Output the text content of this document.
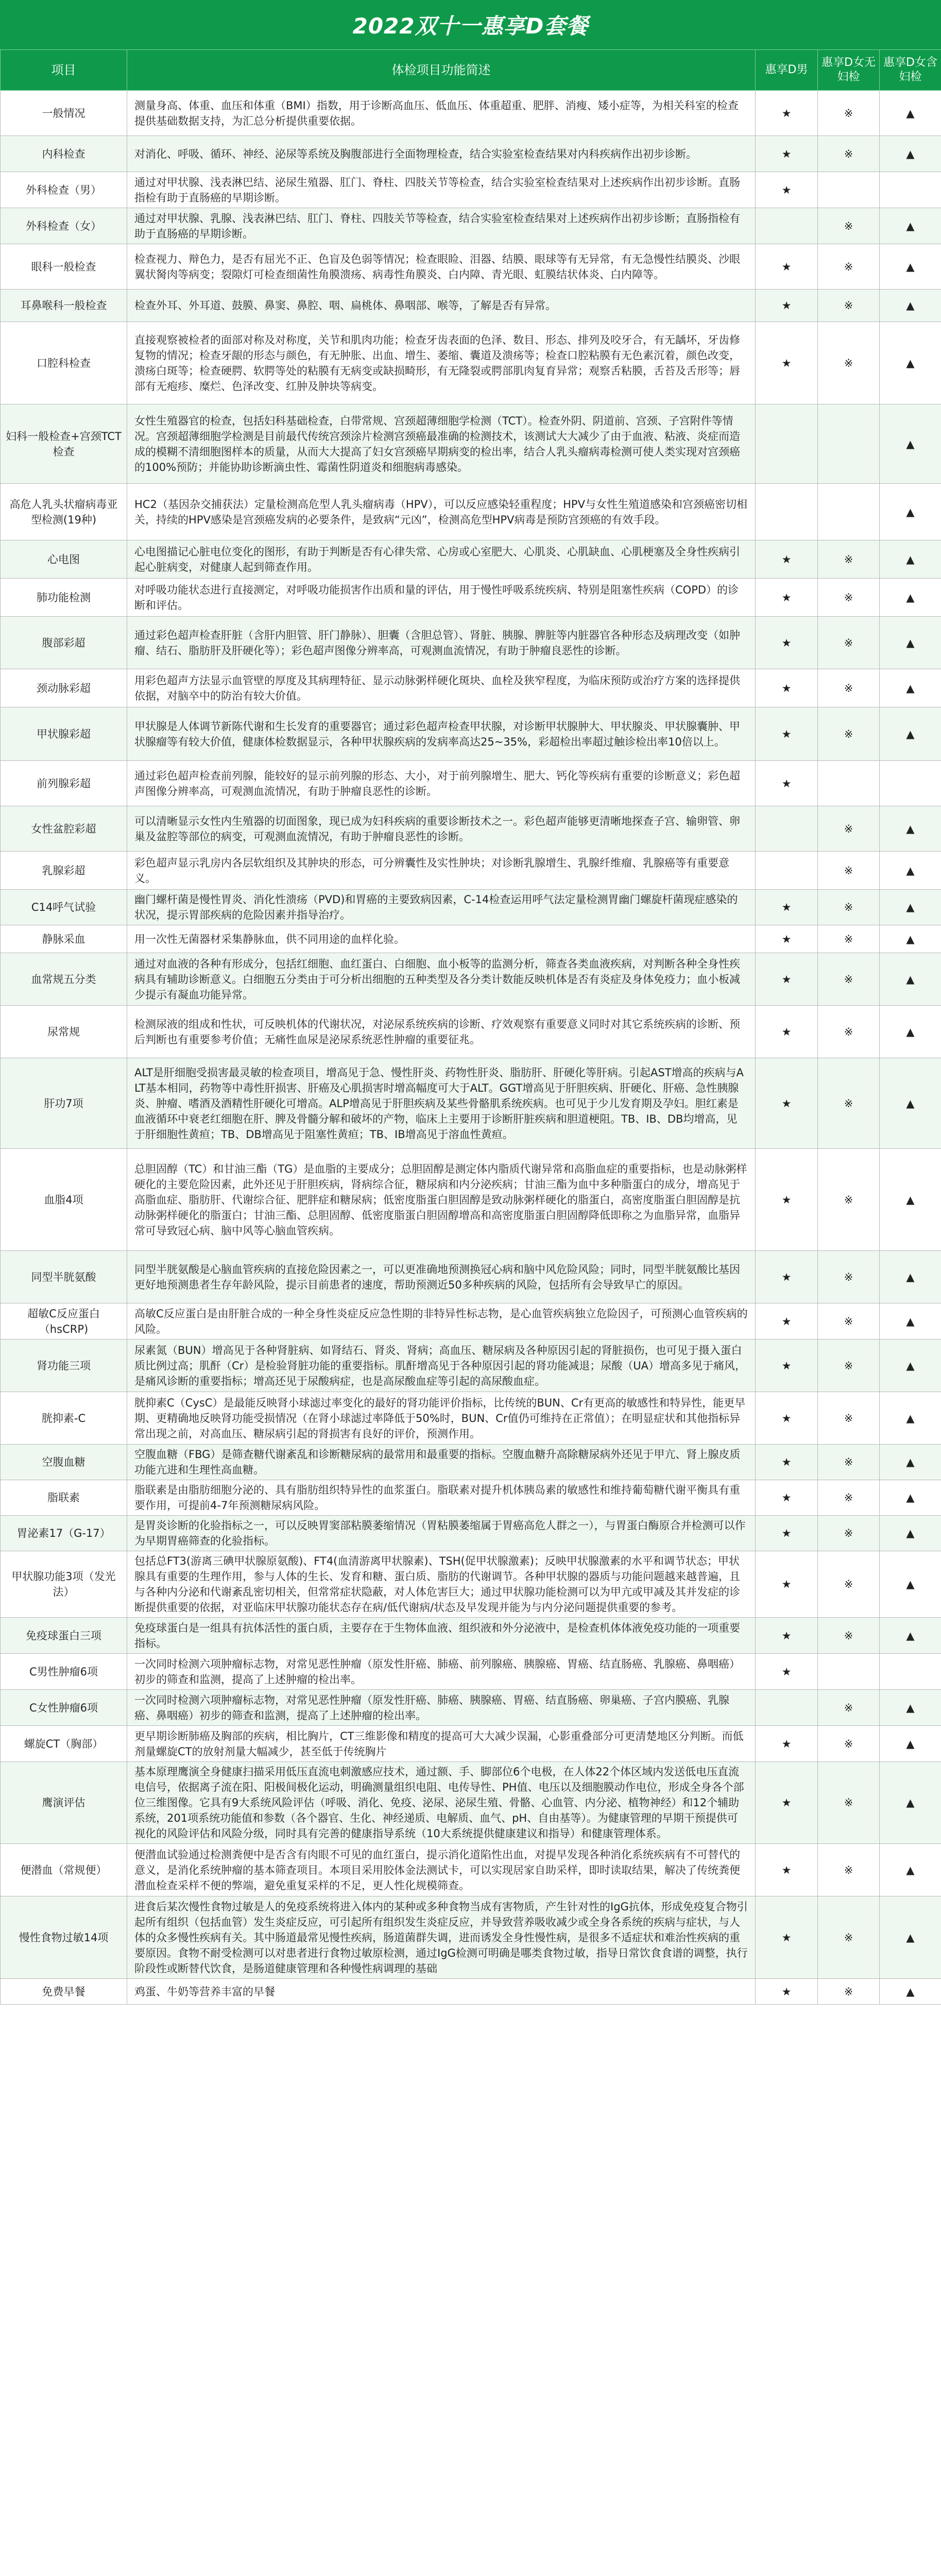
2022双十一惠享D套餐
项目	体检项目功能简述	惠享D男	惠享D女无妇检	惠享D女含妇检
一般情况	测量身高、体重、血压和体重（BMI）指数，用于诊断高血压、低血压、体重超重、肥胖、消瘦、矮小症等，为相关科室的检查提供基础数据支持，为汇总分析提供重要依据。	★	※	▲
内科检查	对消化、呼吸、循环、神经、泌尿等系统及胸腹部进行全面物理检查，结合实验室检查结果对内科疾病作出初步诊断。	★	※	▲
外科检查（男）	通过对甲状腺、浅表淋巴结、泌尿生殖器、肛门、脊柱、四肢关节等检查，结合实验室检查结果对上述疾病作出初步诊断。直肠指检有助于直肠癌的早期诊断。	★		
外科检查（女）	通过对甲状腺、乳腺、浅表淋巴结、肛门、脊柱、四肢关节等检查，结合实验室检查结果对上述疾病作出初步诊断；直肠指检有助于直肠癌的早期诊断。		※	▲
眼科一般检查	检查视力、辩色力，是否有屈光不正、色盲及色弱等情况；检查眼睑、泪器、结膜、眼球等有无异常，有无急慢性结膜炎、沙眼翼状胬肉等病变；裂隙灯可检查细菌性角膜溃疡、病毒性角膜炎、白内障、青光眼、虹膜结状体炎、白内障等。	★	※	▲
耳鼻喉科一般检查	检查外耳、外耳道、鼓膜、鼻窦、鼻腔、咽、扁桃体、鼻咽部、喉等，了解是否有异常。	★	※	▲
口腔科检查	直接观察被检者的面部对称及对称度，关节和肌肉功能；检查牙齿表面的色泽、数目、形态、排列及咬牙合，有无龋坏，牙齿修复物的情况；检查牙龈的形态与颜色，有无肿胀、出血、增生、萎缩、囊道及溃疡等；检查口腔粘膜有无色素沉着，颜色改变，溃疡白斑等；检查硬腭、软腭等处的粘膜有无病变或缺损畸形，有无隆裂或腭部肌肉复育异常；观察舌粘膜，舌苔及舌形等；唇部有无疱疹、糜烂、色泽改变、红肿及肿块等病变。	★	※	▲
妇科一般检查+宫颈TCT检查	女性生殖器官的检查，包括妇科基础检查，白带常规、宫颈超薄细胞学检测（TCT）。检查外阴、阴道前、宫颈、子宫附件等情况。宫颈超薄细胞学检测是目前最代传统宫颈涂片检测宫颈癌最准确的检测技术，该测试大大减少了由于血液、粘液、炎症而造成的模糊不清细胞图样本的质量，从而大大提高了妇女宫颈癌早期病变的检出率，结合人乳头瘤病毒检测可使人类实现对宫颈癌的100%预防；并能协助诊断滴虫性、霉菌性阴道炎和细胞病毒感染。			▲
高危人乳头状瘤病毒亚型检测(19种)	HC2（基因杂交捕获法）定量检测高危型人乳头瘤病毒（HPV），可以反应感染轻重程度；HPV与女性生殖道感染和宫颈癌密切相关，持续的HPV感染是宫颈癌发病的必要条件，是致病“元凶”，检测高危型HPV病毒是预防宫颈癌的有效手段。			▲
心电图	心电图描记心脏电位变化的图形，有助于判断是否有心律失常、心房或心室肥大、心肌炎、心肌缺血、心肌梗塞及全身性疾病引起心脏病变，对健康人起到筛查作用。	★	※	▲
肺功能检测	对呼吸功能状态进行直接测定，对呼吸功能损害作出质和量的评估，用于慢性呼吸系统疾病、特别是阻塞性疾病（COPD）的诊断和评估。	★	※	▲
腹部彩超	通过彩色超声检查肝脏（含肝内胆管、肝门静脉）、胆囊（含胆总管）、肾脏、胰腺、脾脏等内脏器官各种形态及病理改变（如肿瘤、结石、脂肪肝及肝硬化等）；彩色超声图像分辨率高，可观测血流情况，有助于肿瘤良恶性的诊断。	★	※	▲
颈动脉彩超	用彩色超声方法显示血管壁的厚度及其病理特征、显示动脉粥样硬化斑块、血栓及狭窄程度，为临床预防或治疗方案的选择提供依据，对脑卒中的防治有较大价值。	★	※	▲
甲状腺彩超	甲状腺是人体调节新陈代谢和生长发育的重要器官；通过彩色超声检查甲状腺，对诊断甲状腺肿大、甲状腺炎、甲状腺囊肿、甲状腺瘤等有较大价值，健康体检数据显示，各种甲状腺疾病的发病率高达25~35%，彩超检出率超过触诊检出率10倍以上。	★	※	▲
前列腺彩超	通过彩色超声检查前列腺，能较好的显示前列腺的形态、大小，对于前列腺增生、肥大、钙化等疾病有重要的诊断意义；彩色超声图像分辨率高，可观测血流情况，有助于肿瘤良恶性的诊断。	★		
女性盆腔彩超	可以清晰显示女性内生殖器的切面图象，现已成为妇科疾病的重要诊断技术之一。彩色超声能够更清晰地探查子宫、输卵管、卵巢及盆腔等部位的病变，可观测血流情况，有助于肿瘤良恶性的诊断。		※	▲
乳腺彩超	彩色超声显示乳房内各层软组织及其肿块的形态，可分辨囊性及实性肿块；对诊断乳腺增生、乳腺纤维瘤、乳腺癌等有重要意义。		※	▲
C14呼气试验	幽门螺杆菌是慢性胃炎、消化性溃疡（PVD)和胃癌的主要致病因素，C-14检查运用呼气法定量检测胃幽门螺旋杆菌现症感染的状况，提示胃部疾病的危险因素并指导治疗。	★	※	▲
静脉采血	用一次性无菌器材采集静脉血，供不同用途的血样化验。	★	※	▲
血常规五分类	通过对血液的各种有形成分，包括红细胞、血红蛋白、白细胞、血小板等的监测分析，筛查各类血液疾病，对判断各种全身性疾病具有辅助诊断意义。白细胞五分类由于可分析出细胞的五种类型及各分类计数能反映机体是否有炎症及身体免疫力；血小板减少提示有凝血功能异常。	★	※	▲
尿常规	检测尿液的组成和性状，可反映机体的代谢状况，对泌尿系统疾病的诊断、疗效观察有重要意义同时对其它系统疾病的诊断、预后判断也有重要参考价值；无痛性血尿是泌尿系统恶性肿瘤的重要征兆。	★	※	▲
肝功7项	ALT是肝细胞受损害最灵敏的检查项目，增高见于急、慢性肝炎、药物性肝炎、脂肪肝、肝硬化等肝病。引起AST增高的疾病与ALT基本相同，药物等中毒性肝损害、肝癌及心肌损害时增高幅度可大于ALT。GGT增高见于肝胆疾病、肝硬化、肝癌、急性胰腺炎、肿瘤、嗜酒及酒精性肝硬化可增高。ALP增高见于肝胆疾病及某些骨骼肌系统疾病。也可见于少儿发育期及孕妇。胆红素是血液循环中衰老红细胞在肝、脾及骨髓分解和破坏的产物，临床上主要用于诊断肝脏疾病和胆道梗阻。TB、IB、DB均增高，见于肝细胞性黄疸；TB、DB增高见于阻塞性黄疸；TB、IB增高见于溶血性黄疸。	★	※	▲
血脂4项	总胆固醇（TC）和甘油三酯（TG）是血脂的主要成分；总胆固醇是测定体内脂质代谢异常和高脂血症的重要指标，也是动脉粥样硬化的主要危险因素，此外还见于肝胆疾病，肾病综合征，糖尿病和内分泌疾病；甘油三酯为血中多种脂蛋白的成分，增高见于高脂血症、脂肪肝、代谢综合征、肥胖症和糖尿病；低密度脂蛋白胆固醇是致动脉粥样硬化的脂蛋白，高密度脂蛋白胆固醇是抗动脉粥样硬化的脂蛋白；甘油三酯、总胆固醇、低密度脂蛋白胆固醇增高和高密度脂蛋白胆固醇降低即称之为血脂异常，血脂异常可导致冠心病、脑中风等心脑血管疾病。	★	※	▲
同型半胱氨酸	同型半胱氨酸是心脑血管疾病的直接危险因素之一，可以更准确地预测换冠心病和脑中风危险风险；同时，同型半胱氨酸比基因更好地预测患者生存年龄风险，提示目前患者的速度，帮助预测近50多种疾病的风险，包括所有会导致早亡的原因。	★	※	▲
超敏C反应蛋白（hsCRP)	高敏C反应蛋白是由肝脏合成的一种全身性炎症反应急性期的非特异性标志物，是心血管疾病独立危险因子，可预测心血管疾病的风险。	★	※	▲
肾功能三项	尿素氮（BUN）增高见于各种肾脏病、如肾结石、肾炎、肾病；高血压、糖尿病及各种原因引起的肾脏损伤，也可见于摄入蛋白质比例过高；肌酐（Cr）是检验肾脏功能的重要指标。肌酐增高见于各种原因引起的肾功能减退；尿酸（UA）增高多见于痛风，是痛风诊断的重要指标；增高还见于尿酸病症，也是高尿酸血症等引起的高尿酸血症。	★	※	▲
胱抑素-C	胱抑素C（CysC）是最能反映肾小球滤过率变化的最好的肾功能评价指标，比传统的BUN、Cr有更高的敏感性和特异性，能更早期、更精确地反映肾功能受损情况（在肾小球滤过率降低于50%时，BUN、Cr值仍可维持在正常值）；在明显症状和其他指标异常出现之前，对高血压、糖尿病引起的肾损害有良好的评价，预测作用。	★	※	▲
空腹血糖	空腹血糖（FBG）是筛查糖代谢紊乱和诊断糖尿病的最常用和最重要的指标。空腹血糖升高除糖尿病外还见于甲亢、肾上腺皮质功能亢进和生理性高血糖。	★	※	▲
脂联素	脂联素是由脂肪细胞分泌的、具有脂肪组织特异性的血浆蛋白。脂联素对提升机体胰岛素的敏感性和维持葡萄糖代谢平衡具有重要作用，可提前4-7年预测糖尿病风险。	★	※	▲
胃泌素17（G-17）	是胃炎诊断的化验指标之一，可以反映胃窦部粘膜萎缩情况（胃粘膜萎缩属于胃癌高危人群之一），与胃蛋白酶原合并检测可以作为早期胃癌筛查的化验指标。	★	※	▲
甲状腺功能3项（发光法）	包括总FT3(游离三碘甲状腺原氨酸)、FT4(血清游离甲状腺素)、TSH(促甲状腺激素)；反映甲状腺激素的水平和调节状态；甲状腺具有重要的生理作用，参与人体的生长、发育和糖、蛋白质、脂肪的代谢调节。各种甲状腺的器质与功能问题越来越普遍，且与各种内分泌和代谢紊乱密切相关，但常常症状隐蔽，对人体危害巨大；通过甲状腺功能检测可以为甲亢或甲减及其并发症的诊断提供重要的依据，对亚临床甲状腺功能状态存在病/低代谢病/状态及早发现并能为与内分泌问题提供重要的参考。	★	※	▲
免疫球蛋白三项	免疫球蛋白是一组具有抗体活性的蛋白质，主要存在于生物体血液、组织液和外分泌液中，是检查机体体液免疫功能的一项重要指标。	★	※	▲
C男性肿瘤6项	一次同时检测六项肿瘤标志物，对常见恶性肿瘤（原发性肝癌、肺癌、前列腺癌、胰腺癌、胃癌、结直肠癌、乳腺癌、鼻咽癌）初步的筛查和监测，提高了上述肿瘤的检出率。	★		
C女性肿瘤6项	一次同时检测六项肿瘤标志物，对常见恶性肿瘤（原发性肝癌、肺癌、胰腺癌、胃癌、结直肠癌、卵巢癌、子宫内膜癌、乳腺癌、鼻咽癌）初步的筛查和监测，提高了上述肿瘤的检出率。		※	▲
螺旋CT（胸部）	更早期诊断肺癌及胸部的疾病，相比胸片，CT三维影像和精度的提高可大大减少误漏，心影重叠部分可更清楚地区分判断。而低剂量螺旋CT的放射剂量大幅减少，甚至低于传统胸片	★	※	▲
鹰演评估	基本原理鹰演全身健康扫描采用低压直流电刺激感应技术，通过额、手、脚部位6个电极，在人体22个体区域内发送低电压直流电信号，依据离子流在阳、阳极间极化运动，明确测量组织电阻、电传导性、PH值、电压以及细胞膜动作电位，形成全身各个部位三维图像。它具有9大系统风险评估（呼吸、消化、免疫、泌尿、泌尿生殖、骨骼、心血管、内分泌、植物神经）和12个辅助系统，201项系统功能值和参数（各个器官、生化、神经递质、电解质、血气、pH、自由基等）。为健康管理的早期干预提供可视化的风险评估和风险分级，同时具有完善的健康指导系统（10大系统提供健康建议和指导）和健康管理体系。	★	※	▲
便潜血（常规便）	便潜血试验通过检测粪便中是否含有肉眼不可见的血红蛋白，提示消化道陷性出血，对提早发现各种消化系统疾病有不可替代的意义，是消化系统肿瘤的基本筛查项目。本项目采用胶体金法测试卡，可以实现居家自助采样，即时读取结果，解决了传统粪便潜血检查采样不便的弊端，避免重复采样的不足，更人性化规模筛查。	★	※	▲
慢性食物过敏14项	进食后某次慢性食物过敏是人的免疫系统将进入体内的某种或多种食物当成有害物质，产生针对性的IgG抗体，形成免疫复合物引起所有组织（包括血管）发生炎症反应，可引起所有组织发生炎症反应，并导致营养吸收减少或全身各系统的疾病与症状，与人体的众多慢性疾病有关。其中肠道最常见慢性疾病，肠道菌群失调，进而诱发全身性慢性病，是很多不适症状和难治性疾病的重要原因。食物不耐受检测可以对患者进行食物过敏原检测，通过IgG检测可明确是哪类食物过敏，指导日常饮食食谱的调整，执行阶段性或断替代饮食，是肠道健康管理和各种慢性病调理的基础	★	※	▲
免费早餐	鸡蛋、牛奶等营养丰富的早餐	★	※	▲
